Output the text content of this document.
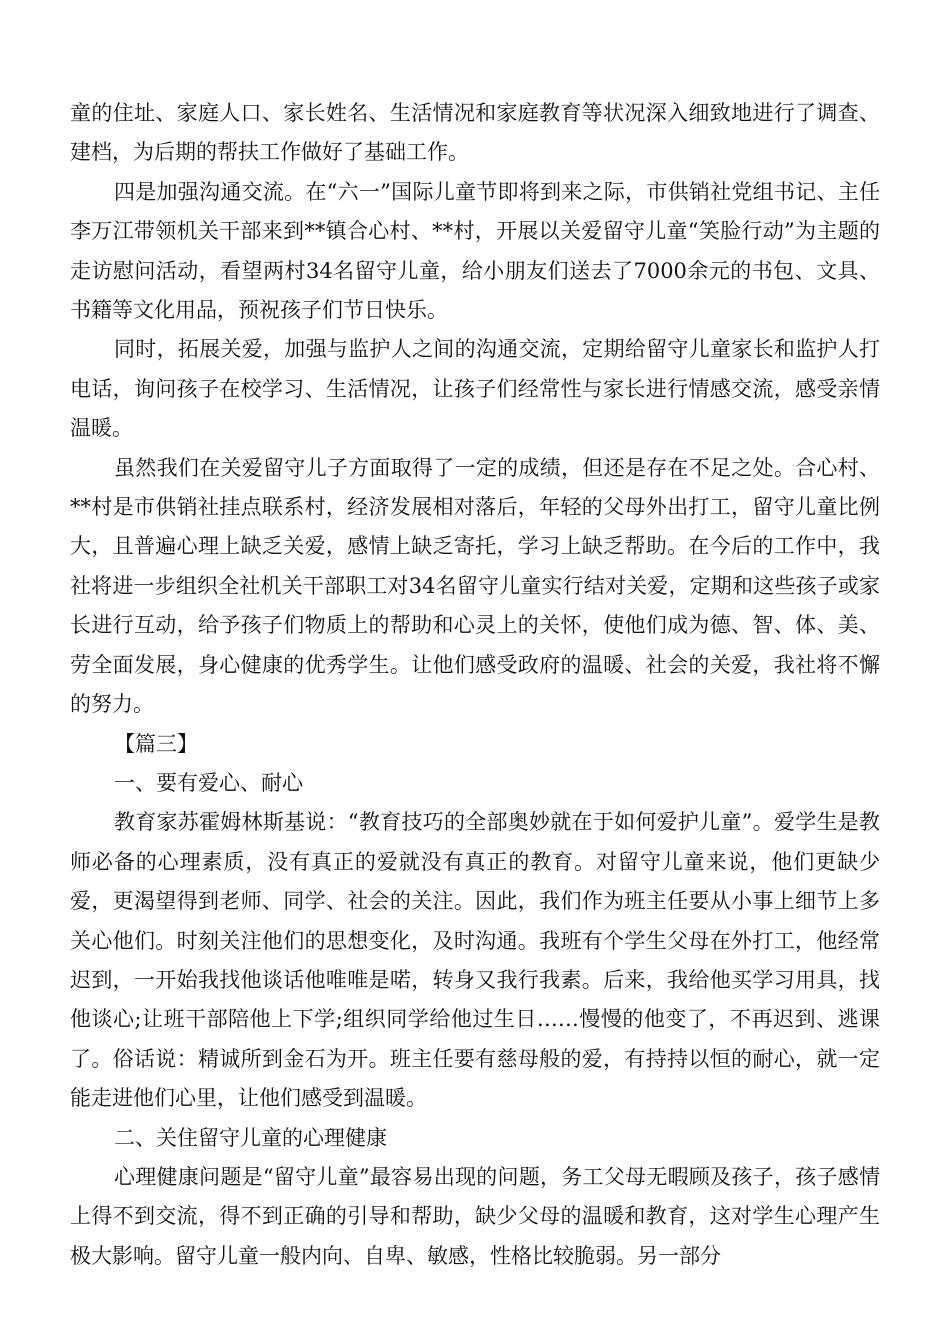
童的住址、家庭人口、家长姓名、生活情况和家庭教育等状况深入细致地进行了调查、建档，为后期的帮扶工作做好了基础工作。

四是加强沟通交流。在“六一”国际儿童节即将到来之际，市供销社党组书记、主任李万江带领机关干部来到**镇合心村、**村，开展以关爱留守儿童“笑脸行动”为主题的走访慰问活动，看望两村34名留守儿童，给小朋友们送去了7000余元的书包、文具、书籍等文化用品，预祝孩子们节日快乐。

同时，拓展关爱，加强与监护人之间的沟通交流，定期给留守儿童家长和监护人打电话，询问孩子在校学习、生活情况，让孩子们经常性与家长进行情感交流，感受亲情温暖。

虽然我们在关爱留守儿子方面取得了一定的成绩，但还是存在不足之处。合心村、**村是市供销社挂点联系村，经济发展相对落后，年轻的父母外出打工，留守儿童比例大，且普遍心理上缺乏关爱，感情上缺乏寄托，学习上缺乏帮助。在今后的工作中，我社将进一步组织全社机关干部职工对34名留守儿童实行结对关爱，定期和这些孩子或家长进行互动，给予孩子们物质上的帮助和心灵上的关怀，使他们成为德、智、体、美、劳全面发展，身心健康的优秀学生。让他们感受政府的温暖、社会的关爱，我社将不懈的努力。

【篇三】

一、要有爱心、耐心

教育家苏霍姆林斯基说：“教育技巧的全部奥妙就在于如何爱护儿童”。爱学生是教师必备的心理素质，没有真正的爱就没有真正的教育。对留守儿童来说，他们更缺少爱，更渴望得到老师、同学、社会的关注。因此，我们作为班主任要从小事上细节上多关心他们。时刻关注他们的思想变化，及时沟通。我班有个学生父母在外打工，他经常迟到，一开始我找他谈话他唯唯是喏，转身又我行我素。后来，我给他买学习用具，找他谈心;让班干部陪他上下学;组织同学给他过生日……慢慢的他变了，不再迟到、逃课了。俗话说：精诚所到金石为开。班主任要有慈母般的爱，有持持以恒的耐心，就一定能走进他们心里，让他们感受到温暖。

二、关住留守儿童的心理健康

心理健康问题是“留守儿童”最容易出现的问题，务工父母无暇顾及孩子，孩子感情上得不到交流，得不到正确的引导和帮助，缺少父母的温暖和教育，这对学生心理产生极大影响。留守儿童一般内向、自卑、敏感，性格比较脆弱。另一部分
